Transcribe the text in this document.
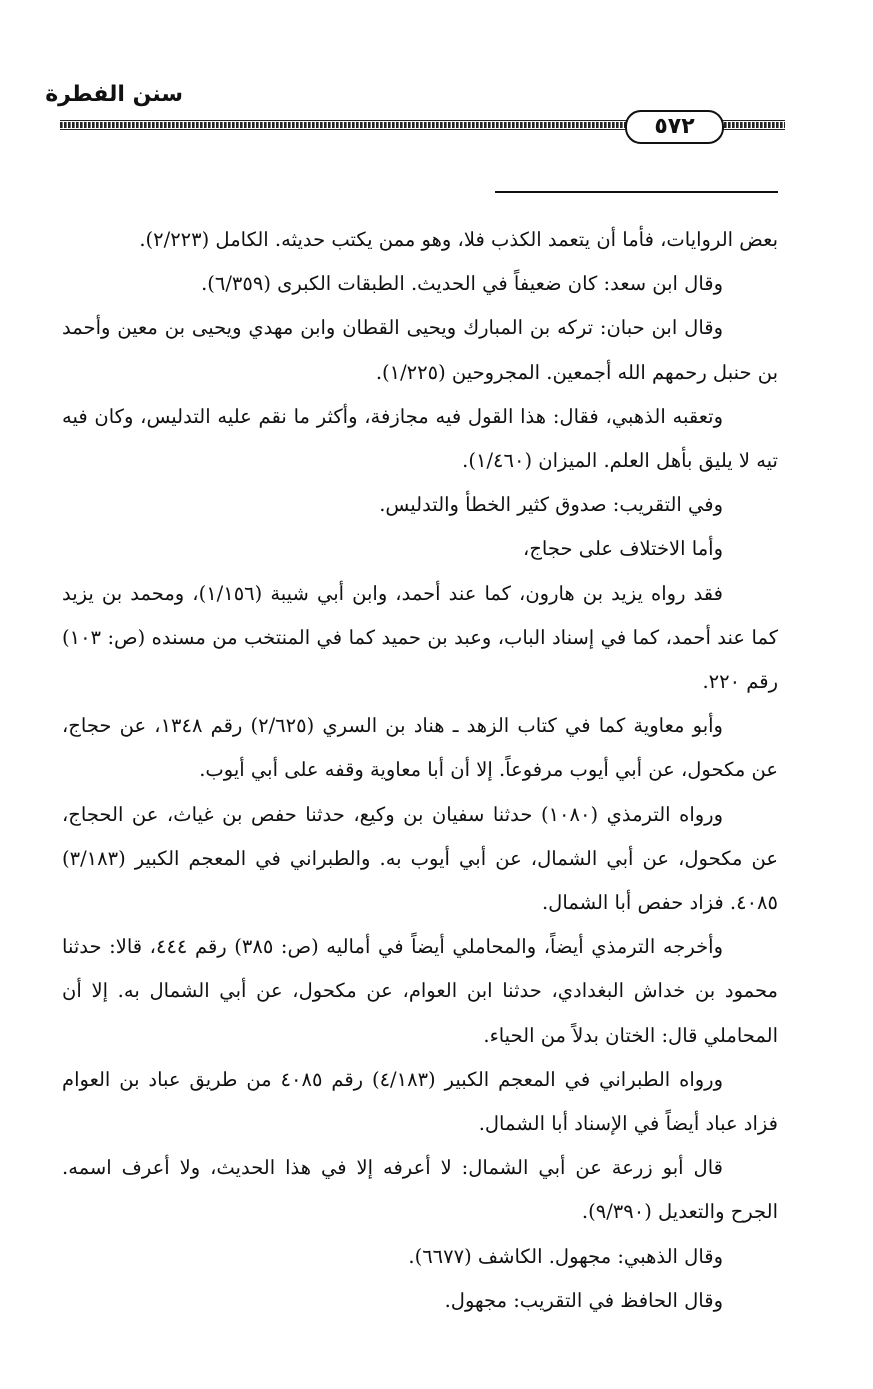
سنن الفطرة
٥٧٢

بعض الروايات، فأما أن يتعمد الكذب فلا، وهو ممن يكتب حديثه. الكامل (٢/٢٢٣).

وقال ابن سعد: كان ضعيفاً في الحديث. الطبقات الكبرى (٦/٣٥٩).

وقال ابن حبان: تركه بن المبارك ويحيى القطان وابن مهدي ويحيى بن معين وأحمد بن حنبل رحمهم الله أجمعين. المجروحين (١/٢٢٥).

وتعقبه الذهبي، فقال: هذا القول فيه مجازفة، وأكثر ما نقم عليه التدليس، وكان فيه تيه لا يليق بأهل العلم. الميزان (١/٤٦٠).

وفي التقريب: صدوق كثير الخطأ والتدليس.

وأما الاختلاف على حجاج،

فقد رواه يزيد بن هارون، كما عند أحمد، وابن أبي شيبة (١/١٥٦)، ومحمد بن يزيد كما عند أحمد، كما في إسناد الباب، وعبد بن حميد كما في المنتخب من مسنده (ص: ١٠٣) رقم ٢٢٠.

وأبو معاوية كما في كتاب الزهد ـ هناد بن السري (٢/٦٢٥) رقم ١٣٤٨، عن حجاج، عن مكحول، عن أبي أيوب مرفوعاً. إلا أن أبا معاوية وقفه على أبي أيوب.

ورواه الترمذي (١٠٨٠) حدثنا سفيان بن وكيع، حدثنا حفص بن غياث، عن الحجاج، عن مكحول، عن أبي الشمال، عن أبي أيوب به. والطبراني في المعجم الكبير (٣/١٨٣) ٤٠٨٥. فزاد حفص أبا الشمال.

وأخرجه الترمذي أيضاً، والمحاملي أيضاً في أماليه (ص: ٣٨٥) رقم ٤٤٤، قالا: حدثنا محمود بن خداش البغدادي، حدثنا ابن العوام، عن مكحول، عن أبي الشمال به. إلا أن المحاملي قال: الختان بدلاً من الحياء.

ورواه الطبراني في المعجم الكبير (٤/١٨٣) رقم ٤٠٨٥ من طريق عباد بن العوام فزاد عباد أيضاً في الإسناد أبا الشمال.

قال أبو زرعة عن أبي الشمال: لا أعرفه إلا في هذا الحديث، ولا أعرف اسمه. الجرح والتعديل (٩/٣٩٠).

وقال الذهبي: مجهول. الكاشف (٦٦٧٧).

وقال الحافظ في التقريب: مجهول.
